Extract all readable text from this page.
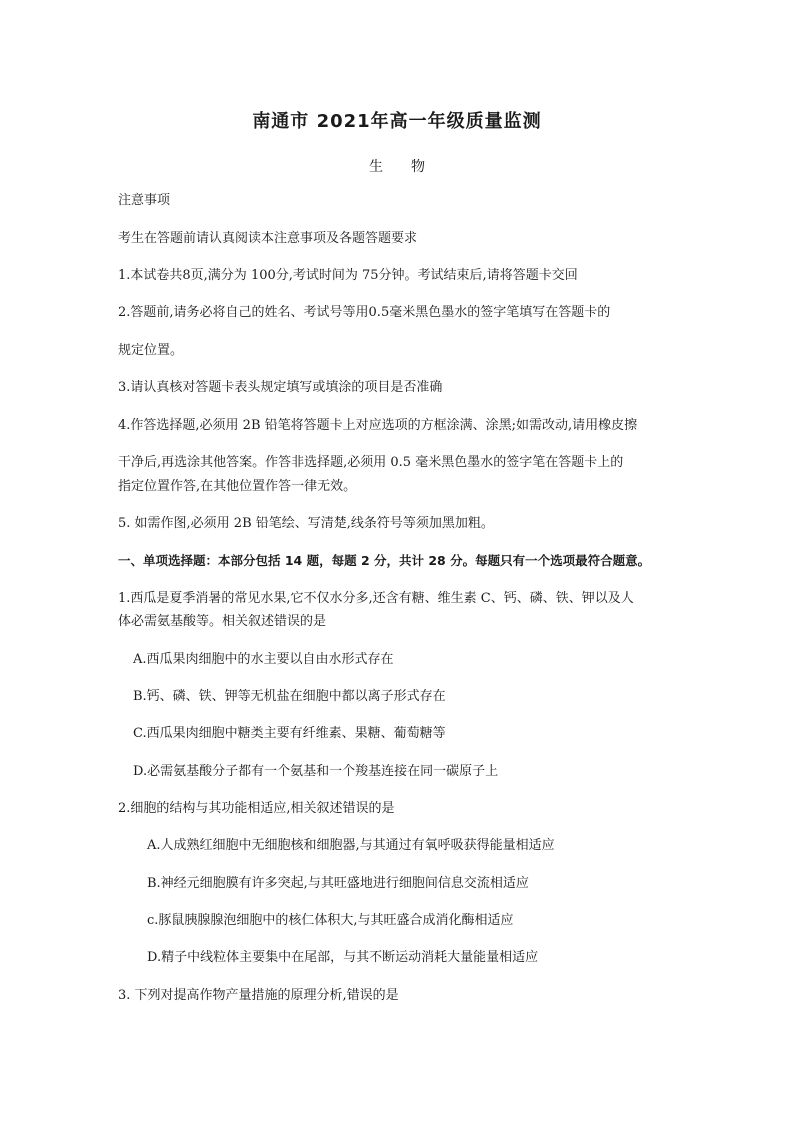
南通市 2021年高一年级质量监测
生物
注意事项
考生在答题前请认真阅读本注意事项及各题答题要求
1.本试卷共8页,满分为 100分,考试时间为 75分钟。考试结束后,请将答题卡交回
2.答题前,请务必将自己的姓名、考试号等用0.5毫米黑色墨水的签字笔填写在答题卡的
规定位置。
3.请认真核对答题卡表头规定填写或填涂的项目是否准确
4.作答选择题,必须用 2B 铅笔将答题卡上对应选项的方框涂满、涂黑;如需改动,请用橡皮擦
干净后,再选涂其他答案。作答非选择题,必须用 0.5 毫米黑色墨水的签字笔在答题卡上的
指定位置作答,在其他位置作答一律无效。
5. 如需作图,必须用 2B 铅笔绘、写清楚,线条符号等须加黑加粗。
一、单项选择题：本部分包括 14 题，每题 2 分，共计 28 分。每题只有一个选项最符合题意。
1.西瓜是夏季消暑的常见水果,它不仅水分多,还含有糖、维生素 C、钙、磷、铁、钾以及人
体必需氨基酸等。相关叙述错误的是
A.西瓜果肉细胞中的水主要以自由水形式存在
B.钙、磷、铁、钾等无机盐在细胞中都以离子形式存在
C.西瓜果肉细胞中糖类主要有纤维素、果糖、葡萄糖等
D.必需氨基酸分子都有一个氨基和一个羧基连接在同一碳原子上
2.细胞的结构与其功能相适应,相关叙述错误的是
A.人成熟红细胞中无细胞核和细胞器,与其通过有氧呼吸获得能量相适应
B.神经元细胞膜有许多突起,与其旺盛地进行细胞间信息交流相适应
c.豚鼠胰腺腺泡细胞中的核仁体积大,与其旺盛合成消化酶相适应
D.精子中线粒体主要集中在尾部，与其不断运动消耗大量能量相适应
3. 下列对提高作物产量措施的原理分析,错误的是
